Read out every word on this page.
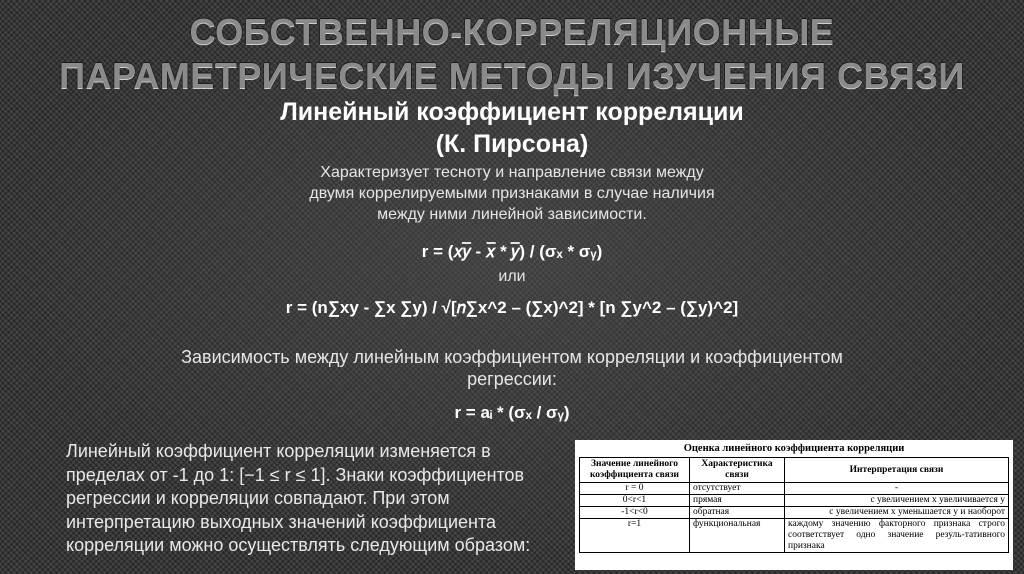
СОБСТВЕННО-КОРРЕЛЯЦИОННЫЕ
ПАРАМЕТРИЧЕСКИЕ МЕТОДЫ ИЗУЧЕНИЯ СВЯЗИ
Линейный коэффициент корреляции
(К. Пирсона)
Характеризует тесноту и направление связи между
двумя коррелируемыми признаками в случае наличия
между ними линейной зависимости.
r = (𝑥𝑦̅ - 𝑥̅ * 𝑦̅) / (σₓ * σᵧ)
или
r = (n∑xy - ∑x ∑y) / √[𝑛∑x^2 – (∑x)^2] * [n ∑y^2 – (∑y)^2]
Зависимость между линейным коэффициентом корреляции и коэффициентом
регрессии:
r = aᵢ * (σₓ / σᵧ)
Линейный коэффициент корреляции изменяется в
пределах от -1 до 1: [−1 ≤ r ≤ 1]. Знаки коэффициентов
регрессии и корреляции совпадают. При этом
интерпретацию выходных значений коэффициента
корреляции можно осуществлять следующим образом:
Оценка линейного коэффициента корреляции
Значение линейного коэффициента связи	Характеристика связи	Интерпретация связи
r = 0	отсутствует	-
0<r<1	прямая	с увеличением x увеличивается y
-1<r<0	обратная	с увеличением x уменьшается y и наоборот
r=1	функциональная	каждому значению факторного признака строго соответствует одно значение резуль-тативного признака
